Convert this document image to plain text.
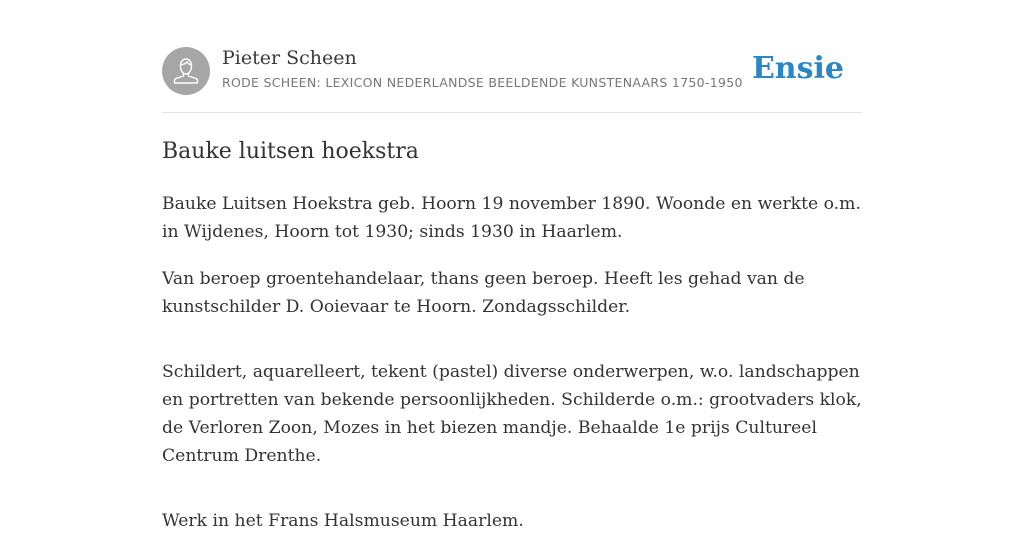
Pieter Scheen
RODE SCHEEN: LEXICON NEDERLANDSE BEELDENDE KUNSTENAARS 1750-1950 Ensie
Bauke luitsen hoekstra

Bauke Luitsen Hoekstra geb. Hoorn 19 november 1890. Woonde en werkte o.m. in Wijdenes, Hoorn tot 1930; sinds 1930 in Haarlem.

Van beroep groentehandelaar, thans geen beroep. Heeft les gehad van de kunstschilder D. Ooievaar te Hoorn. Zondagsschilder.

Schildert, aquarelleert, tekent (pastel) diverse onderwerpen, w.o. landschappen en portretten van bekende persoonlijkheden. Schilderde o.m.: grootvaders klok, de Verloren Zoon, Mozes in het biezen mandje. Behaalde 1e prijs Cultureel Centrum Drenthe.

Werk in het Frans Halsmuseum Haarlem.
